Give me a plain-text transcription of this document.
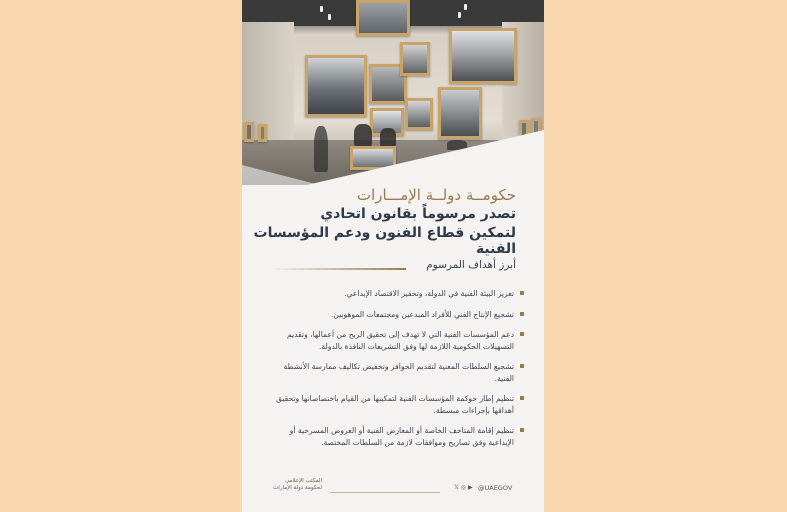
حكومــة دولــة الإمـــارات
تصدر مرسوماً بقانون اتحادي
لتمكين قطاع الفنون ودعم المؤسسات الفنية
أبرز أهداف المرسوم
تعزيز البيئة الفنية في الدولة، وتحفيز الاقتصاد الإبداعي.
تشجيع الإنتاج الفني للأفراد المبدعين ومجتمعات الموهوبين.
دعم المؤسسات الفنية التي لا تهدف إلى تحقيق الربح من أعمالها، وتقديم التسهيلات الحكومية اللازمة لها وفق التشريعات النافذة بالدولة.
تشجيع السلطات المعنية لتقديم الحوافز وتخفيض تكاليف ممارسة الأنشطة الفنية.
تنظيم إطار حوكمة المؤسسات الفنية لتمكينها من القيام باختصاصاتها وتحقيق أهدافها بإجراءات مبسطة.
تنظيم إقامة المتاحف الخاصة أو المعارض الفنية أو العروض المسرحية أو الإبداعية وفق تصاريح وموافقات لازمة من السلطات المختصة.
المكتب الإعلامي
لحكومة دولة الإمارات	𝕏 ◎ ▶ @UAEGOV
